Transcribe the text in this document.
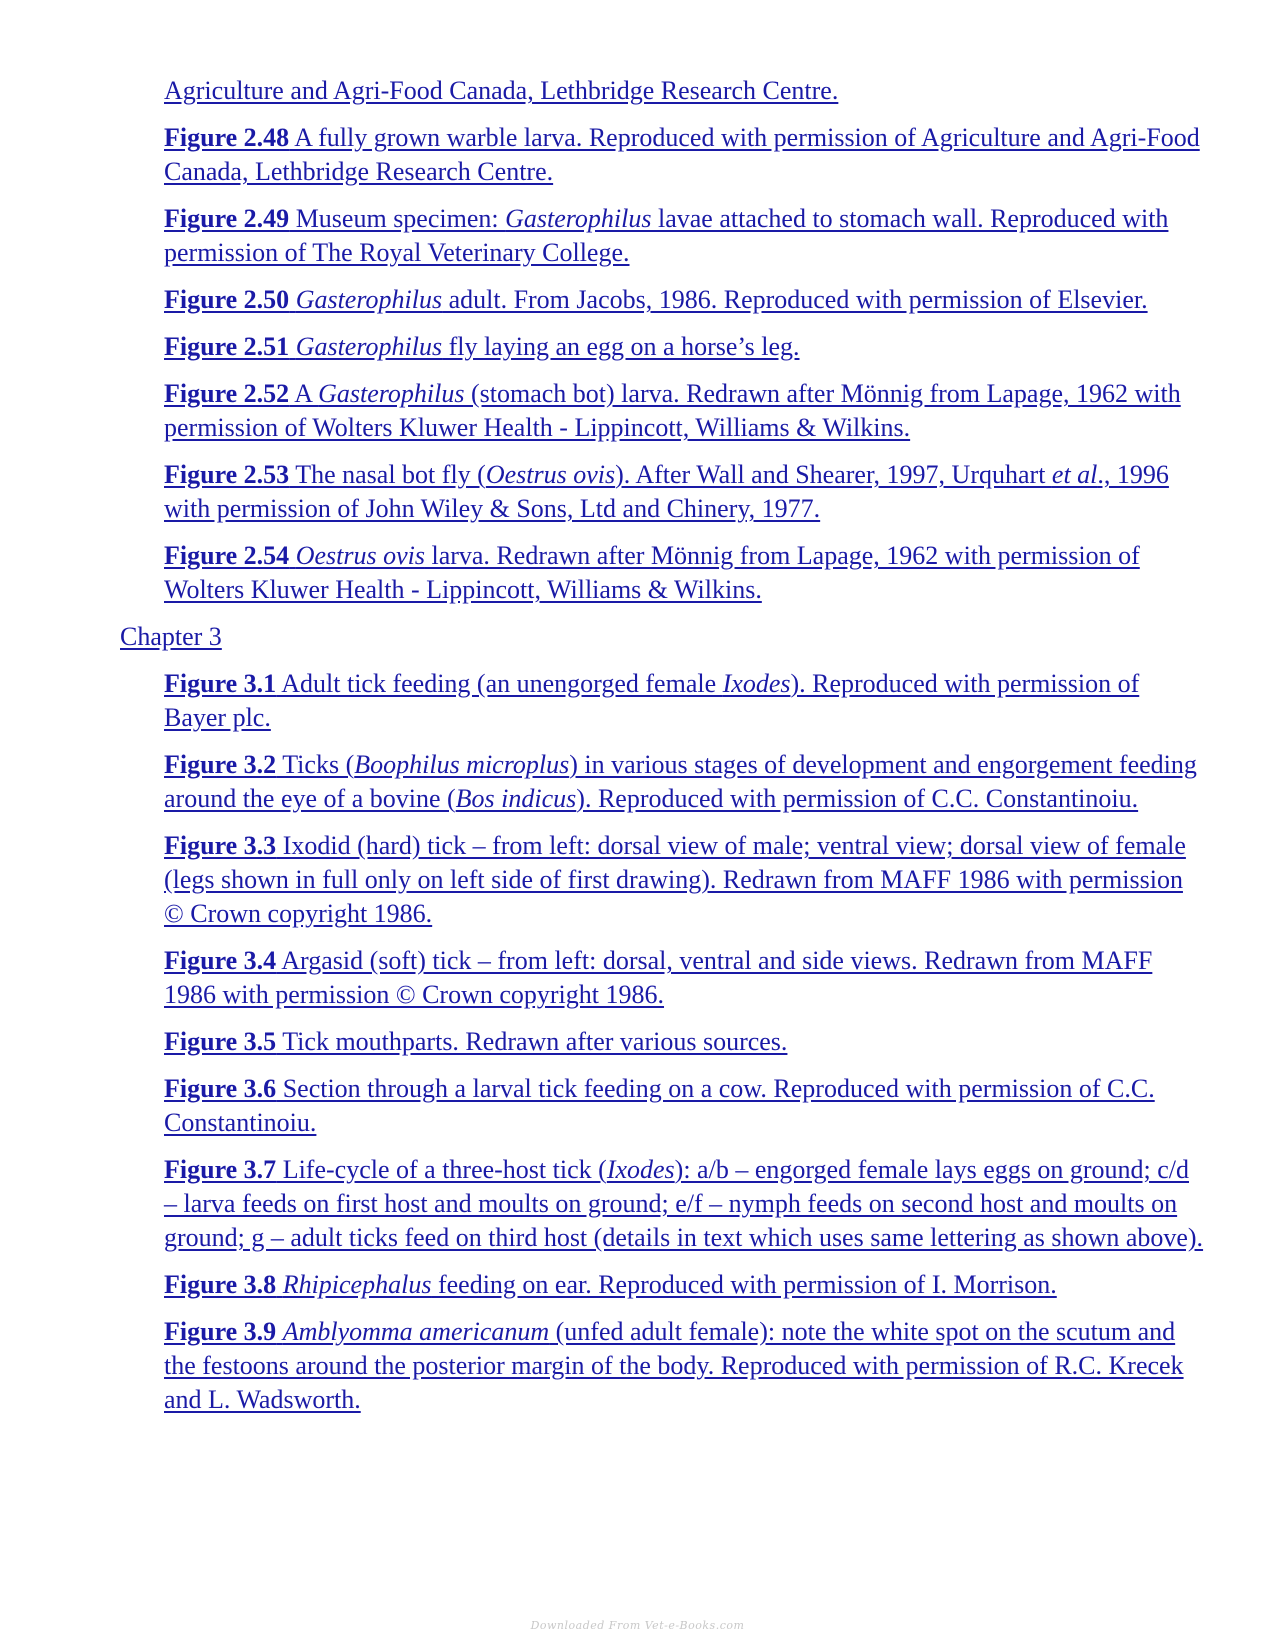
Agriculture and Agri-Food Canada, Lethbridge Research Centre.
Figure 2.48 A fully grown warble larva. Reproduced with permission of Agriculture and Agri-Food Canada, Lethbridge Research Centre.
Figure 2.49 Museum specimen: Gasterophilus lavae attached to stomach wall. Reproduced with permission of The Royal Veterinary College.
Figure 2.50 Gasterophilus adult. From Jacobs, 1986. Reproduced with permission of Elsevier.
Figure 2.51 Gasterophilus fly laying an egg on a horse’s leg.
Figure 2.52 A Gasterophilus (stomach bot) larva. Redrawn after Mönnig from Lapage, 1962 with permission of Wolters Kluwer Health - Lippincott, Williams & Wilkins.
Figure 2.53 The nasal bot fly (Oestrus ovis). After Wall and Shearer, 1997, Urquhart et al., 1996 with permission of John Wiley & Sons, Ltd and Chinery, 1977.
Figure 2.54 Oestrus ovis larva. Redrawn after Mönnig from Lapage, 1962 with permission of Wolters Kluwer Health - Lippincott, Williams & Wilkins.
Chapter 3
Figure 3.1 Adult tick feeding (an unengorged female Ixodes). Reproduced with permission of Bayer plc.
Figure 3.2 Ticks (Boophilus microplus) in various stages of development and engorgement feeding around the eye of a bovine (Bos indicus). Reproduced with permission of C.C. Constantinoiu.
Figure 3.3 Ixodid (hard) tick – from left: dorsal view of male; ventral view; dorsal view of female (legs shown in full only on left side of first drawing). Redrawn from MAFF 1986 with permission © Crown copyright 1986.
Figure 3.4 Argasid (soft) tick – from left: dorsal, ventral and side views. Redrawn from MAFF 1986 with permission © Crown copyright 1986.
Figure 3.5 Tick mouthparts. Redrawn after various sources.
Figure 3.6 Section through a larval tick feeding on a cow. Reproduced with permission of C.C. Constantinoiu.
Figure 3.7 Life-cycle of a three-host tick (Ixodes): a/b – engorged female lays eggs on ground; c/d – larva feeds on first host and moults on ground; e/f – nymph feeds on second host and moults on ground; g – adult ticks feed on third host (details in text which uses same lettering as shown above).
Figure 3.8 Rhipicephalus feeding on ear. Reproduced with permission of I. Morrison.
Figure 3.9 Amblyomma americanum (unfed adult female): note the white spot on the scutum and the festoons around the posterior margin of the body. Reproduced with permission of R.C. Krecek and L. Wadsworth.
Downloaded From Vet-e-Books.com
